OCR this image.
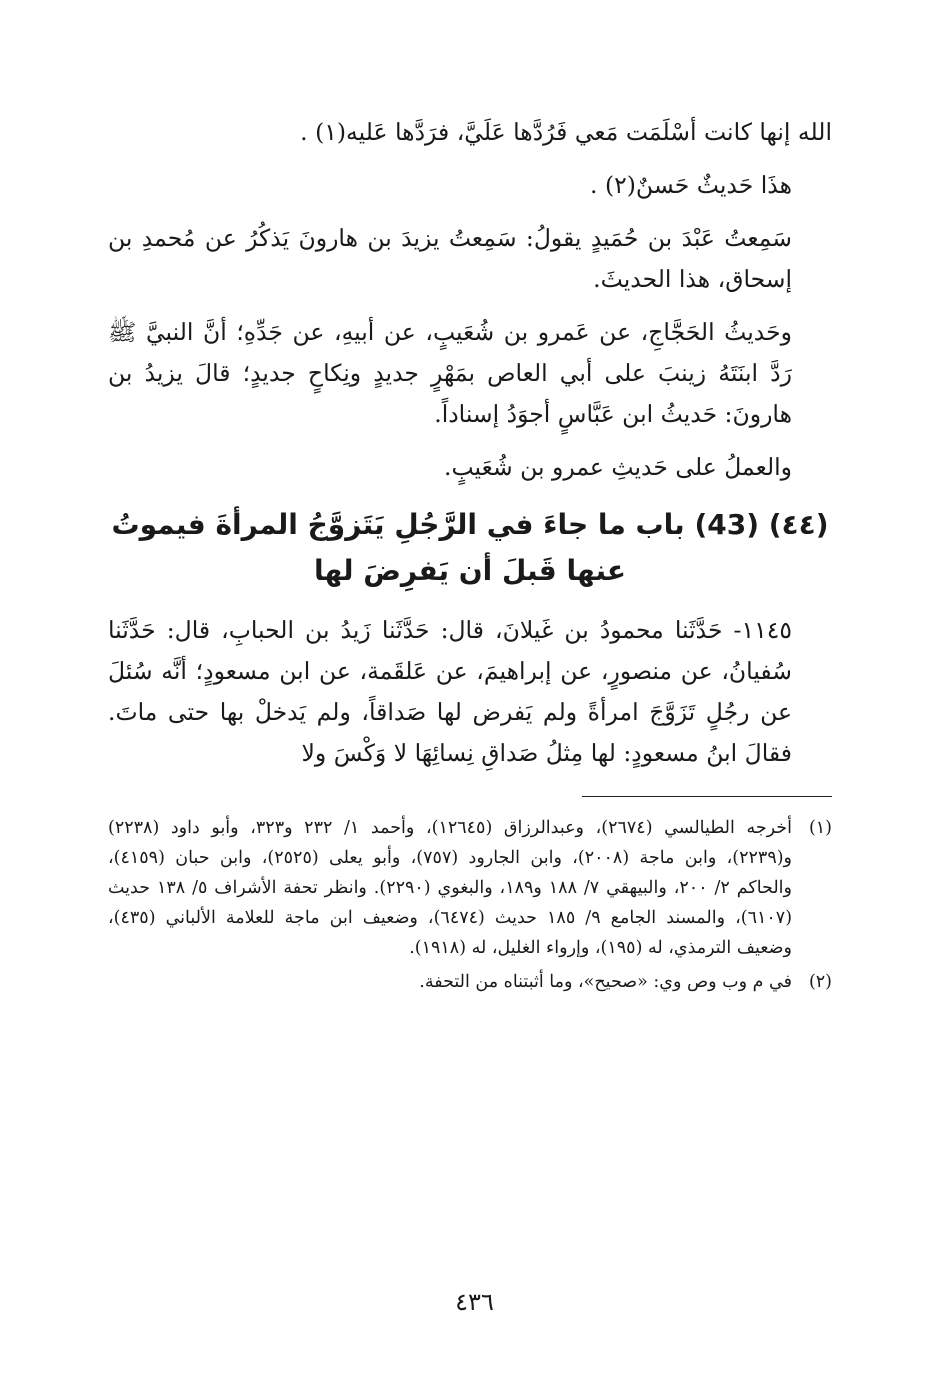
الله إنها كانت أسْلَمَت مَعي فَرُدَّها عَلَيَّ، فرَدَّها عَليه(١) .

هذَا حَديثٌ حَسنٌ(٢) .

سَمِعتُ عَبْدَ بن حُمَيدٍ يقولُ: سَمِعتُ يزيدَ بن هارونَ يَذكُرُ عن مُحمدِ بن إسحاق، هذا الحديثَ.

وحَديثُ الحَجَّاجِ، عن عَمرو بن شُعَيبٍ، عن أبيهِ، عن جَدِّهِ؛ أنَّ النبيَّ ﷺ رَدَّ ابنَتَهُ زينبَ على أبي العاص بمَهْرٍ جديدٍ ونِكاحٍ جديدٍ؛ قالَ يزيدُ بن هارونَ: حَديثُ ابن عَبَّاسٍ أجوَدُ إسناداً.

والعملُ على حَديثِ عمرو بن شُعَيبٍ.

(٤٤) (43) باب ما جاءَ في الرَّجُلِ يَتَزوَّجُ المرأةَ فيموتُ عنها قَبلَ أن يَفرِضَ لها

١١٤٥- حَدَّثَنا محمودُ بن غَيلانَ، قال: حَدَّثَنا زَيدُ بن الحبابِ، قال: حَدَّثَنا سُفيانُ، عن منصورٍ، عن إبراهيمَ، عن عَلقَمة، عن ابن مسعودٍ؛ أنَّه سُئلَ عن رجُلٍ تَزَوَّجَ امرأةً ولم يَفرض لها صَداقاً، ولم يَدخلْ بها حتى ماتَ. فقالَ ابنُ مسعودٍ: لها مِثلُ صَداقِ نِسائِهَا لا وَكْسَ ولا

(١)
أخرجه الطيالسي (٢٦٧٤)، وعبدالرزاق (١٢٦٤٥)، وأحمد ١/ ٢٣٢ و٣٢٣، وأبو داود (٢٢٣٨) و(٢٢٣٩)، وابن ماجة (٢٠٠٨)، وابن الجارود (٧٥٧)، وأبو يعلى (٢٥٢٥)، وابن حبان (٤١٥٩)، والحاكم ٢/ ٢٠٠، والبيهقي ٧/ ١٨٨ و١٨٩، والبغوي (٢٢٩٠). وانظر تحفة الأشراف ٥/ ١٣٨ حديث (٦١٠٧)، والمسند الجامع ٩/ ١٨٥ حديث (٦٤٧٤)، وضعيف ابن ماجة للعلامة الألباني (٤٣٥)، وضعيف الترمذي، له (١٩٥)، وإرواء الغليل، له (١٩١٨).
(٢)
في م وب وص وي: «صحيح»، وما أثبتناه من التحفة.
٤٣٦
